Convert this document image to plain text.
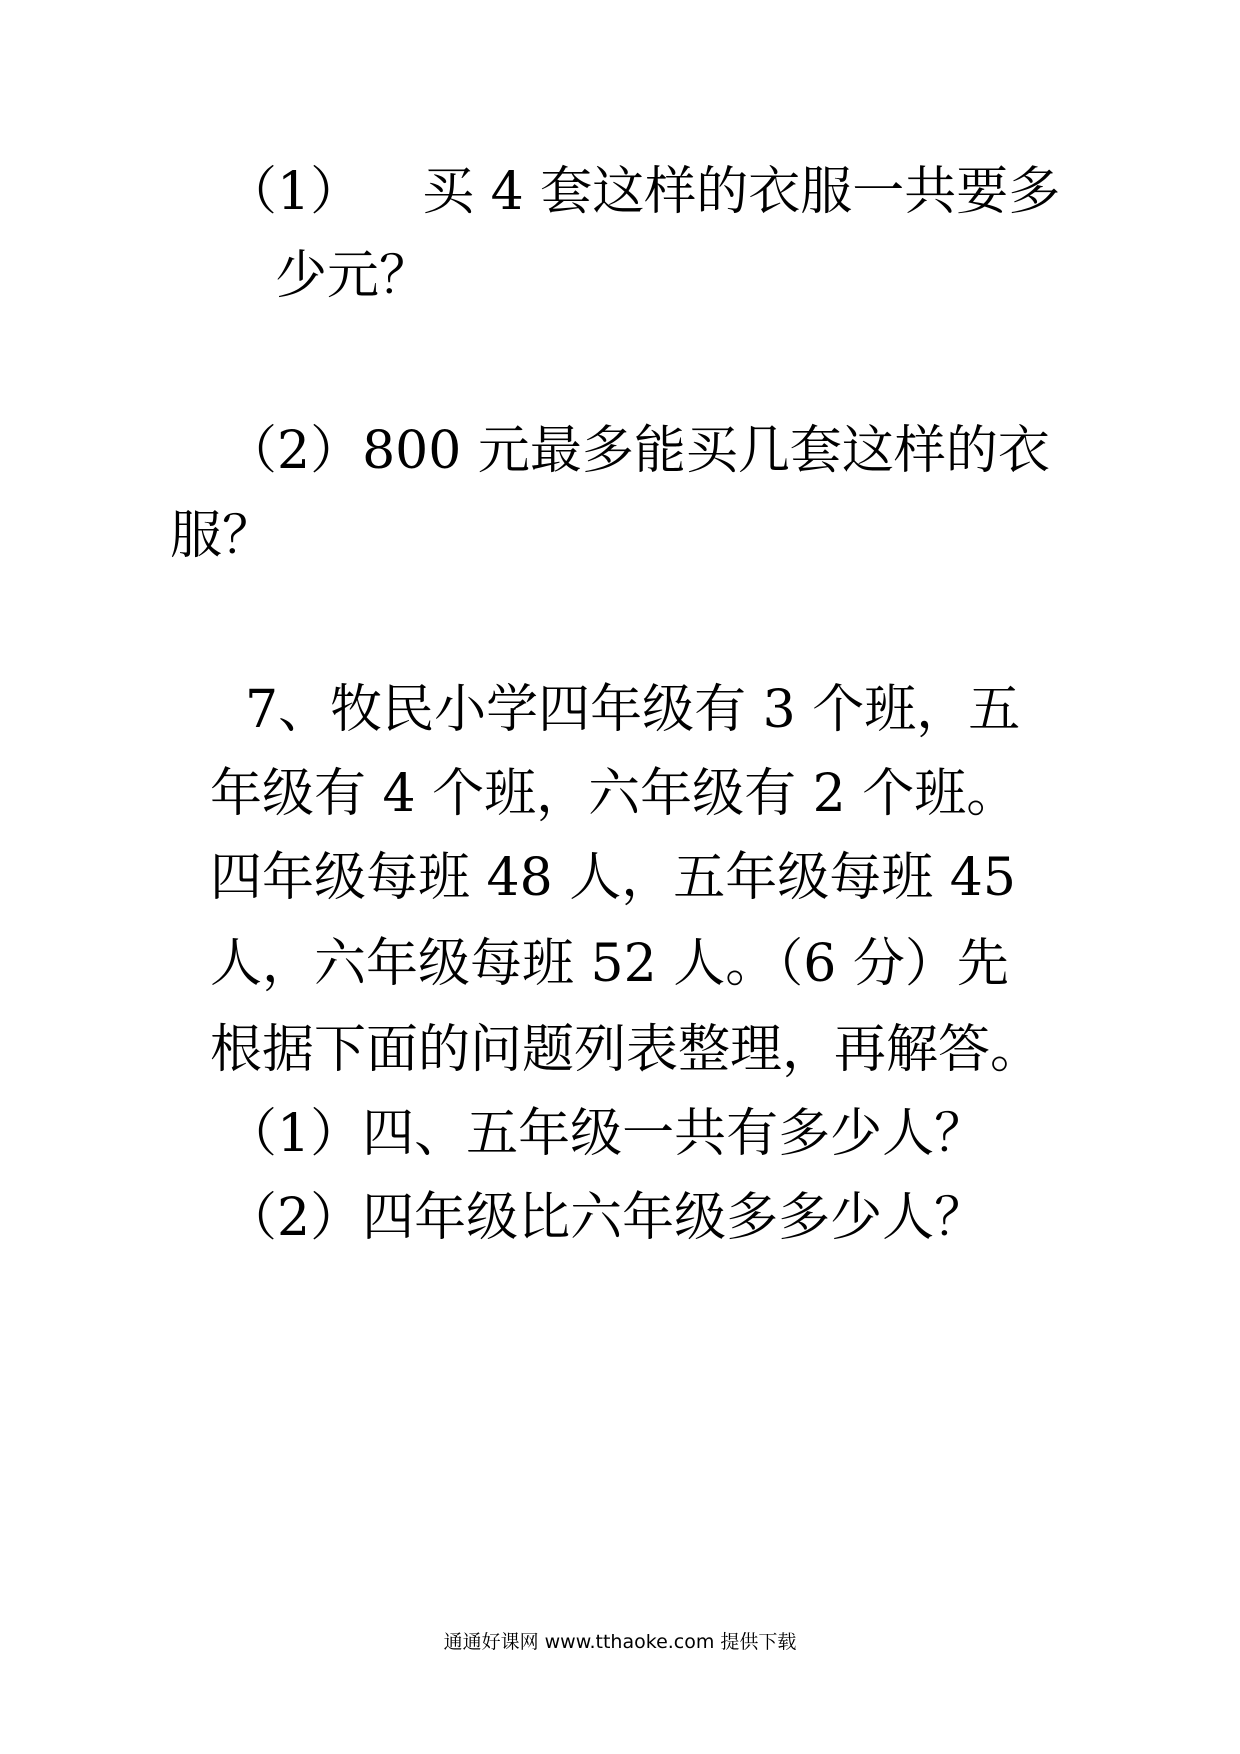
（1） 买 4 套这样的衣服一共要多

少元？

（2）800 元最多能买几套这样的衣

服？

7、牧民小学四年级有 3 个班，五

年级有 4 个班，六年级有 2 个班。

四年级每班 48 人，五年级每班 45

人，六年级每班 52 人。（6 分）先

根据下面的问题列表整理，再解答。

（1）四、五年级一共有多少人？

（2）四年级比六年级多多少人？

通通好课网 www.tthaoke.com 提供下载
